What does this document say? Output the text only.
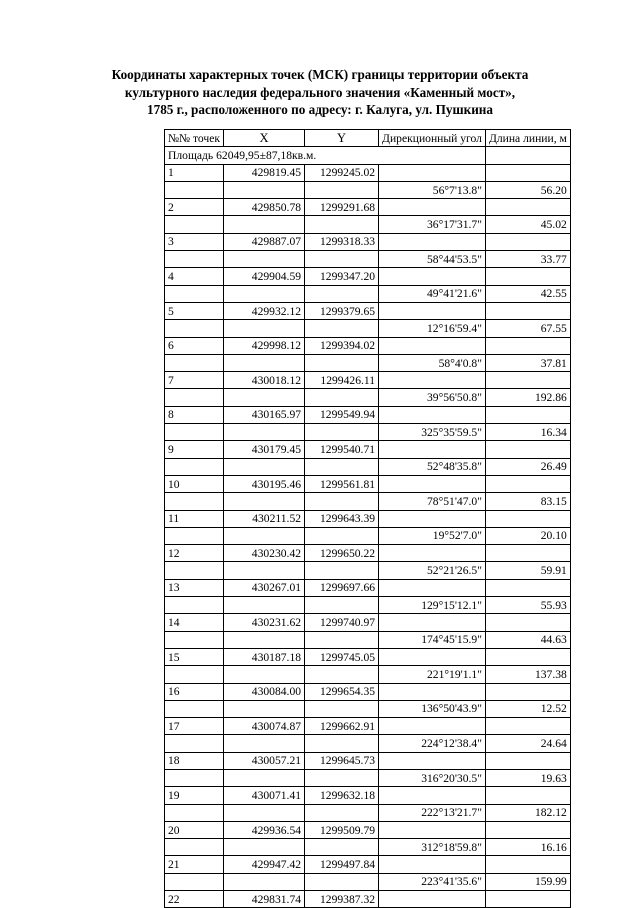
Координаты характерных точек (МСК) границы территории объекта
культурного наследия федерального значения «Каменный мост»,
1785 г., расположенного по адресу: г. Калуга, ул. Пушкина
№№ точек	X	Y	Дирекционный угол	Длина линии, м
Площадь 62049,95±87,18кв.м.				
1	429819.45	1299245.02		
			56°7'13.8"	56.20
2	429850.78	1299291.68		
			36°17'31.7"	45.02
3	429887.07	1299318.33		
			58°44'53.5"	33.77
4	429904.59	1299347.20		
			49°41'21.6"	42.55
5	429932.12	1299379.65		
			12°16'59.4"	67.55
6	429998.12	1299394.02		
			58°4'0.8"	37.81
7	430018.12	1299426.11		
			39°56'50.8"	192.86
8	430165.97	1299549.94		
			325°35'59.5"	16.34
9	430179.45	1299540.71		
			52°48'35.8"	26.49
10	430195.46	1299561.81		
			78°51'47.0"	83.15
11	430211.52	1299643.39		
			19°52'7.0"	20.10
12	430230.42	1299650.22		
			52°21'26.5"	59.91
13	430267.01	1299697.66		
			129°15'12.1"	55.93
14	430231.62	1299740.97		
			174°45'15.9"	44.63
15	430187.18	1299745.05		
			221°19'1.1"	137.38
16	430084.00	1299654.35		
			136°50'43.9"	12.52
17	430074.87	1299662.91		
			224°12'38.4"	24.64
18	430057.21	1299645.73		
			316°20'30.5"	19.63
19	430071.41	1299632.18		
			222°13'21.7"	182.12
20	429936.54	1299509.79		
			312°18'59.8"	16.16
21	429947.42	1299497.84		
			223°41'35.6"	159.99
22	429831.74	1299387.32		
